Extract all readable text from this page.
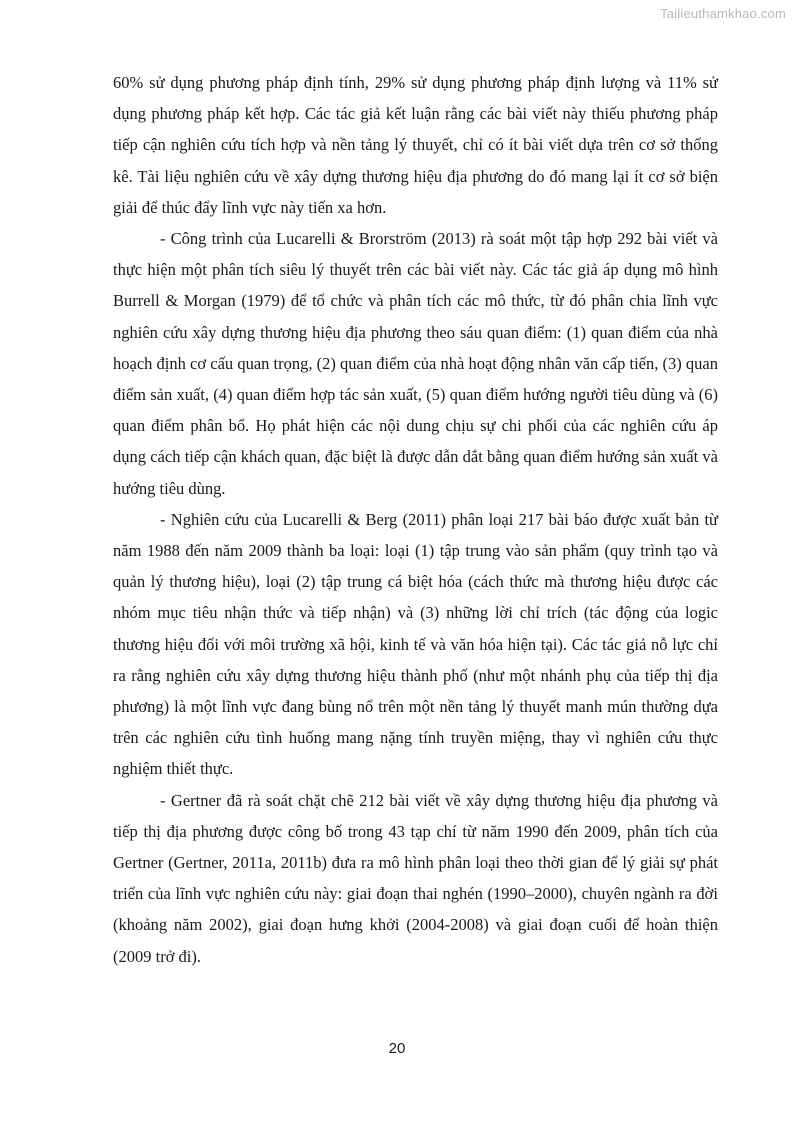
Tailieuthamkhao.com

60% sử dụng phương pháp định tính, 29% sử dụng phương pháp định lượng và 11% sử dụng phương pháp kết hợp. Các tác giả kết luận rằng các bài viết này thiếu phương pháp tiếp cận nghiên cứu tích hợp và nền tảng lý thuyết, chỉ có ít bài viết dựa trên cơ sở thống kê. Tài liệu nghiên cứu về xây dựng thương hiệu địa phương do đó mang lại ít cơ sở biện giải để thúc đẩy lĩnh vực này tiến xa hơn.

- Công trình của Lucarelli & Brorström (2013) rà soát một tập hợp 292 bài viết và thực hiện một phân tích siêu lý thuyết trên các bài viết này. Các tác giả áp dụng mô hình Burrell & Morgan (1979) để tổ chức và phân tích các mô thức, từ đó phân chia lĩnh vực nghiên cứu xây dựng thương hiệu địa phương theo sáu quan điểm: (1) quan điểm của nhà hoạch định cơ cấu quan trọng, (2) quan điểm của nhà hoạt động nhân văn cấp tiến, (3) quan điểm sản xuất, (4) quan điểm hợp tác sản xuất, (5) quan điểm hướng người tiêu dùng và (6) quan điểm phân bổ. Họ phát hiện các nội dung chịu sự chi phối của các nghiên cứu áp dụng cách tiếp cận khách quan, đặc biệt là được dẫn dắt bằng quan điểm hướng sản xuất và hướng tiêu dùng.

- Nghiên cứu của Lucarelli & Berg (2011) phân loại 217 bài báo được xuất bản từ năm 1988 đến năm 2009 thành ba loại: loại (1) tập trung vào sản phẩm (quy trình tạo và quản lý thương hiệu), loại (2) tập trung cá biệt hóa (cách thức mà thương hiệu được các nhóm mục tiêu nhận thức và tiếp nhận) và (3) những lời chỉ trích (tác động của logic thương hiệu đối với môi trường xã hội, kinh tế và văn hóa hiện tại). Các tác giả nỗ lực chỉ ra rằng nghiên cứu xây dựng thương hiệu thành phố (như một nhánh phụ của tiếp thị địa phương) là một lĩnh vực đang bùng nổ trên một nền tảng lý thuyết manh mún thường dựa trên các nghiên cứu tình huống mang nặng tính truyền miệng, thay vì nghiên cứu thực nghiệm thiết thực.

- Gertner đã rà soát chặt chẽ 212 bài viết về xây dựng thương hiệu địa phương và tiếp thị địa phương được công bố trong 43 tạp chí từ năm 1990 đến 2009, phân tích của Gertner (Gertner, 2011a, 2011b) đưa ra mô hình phân loại theo thời gian để lý giải sự phát triển của lĩnh vực nghiên cứu này: giai đoạn thai nghén (1990–2000), chuyên ngành ra đời (khoảng năm 2002), giai đoạn hưng khởi (2004-2008) và giai đoạn cuối để hoàn thiện (2009 trở đi).

20
